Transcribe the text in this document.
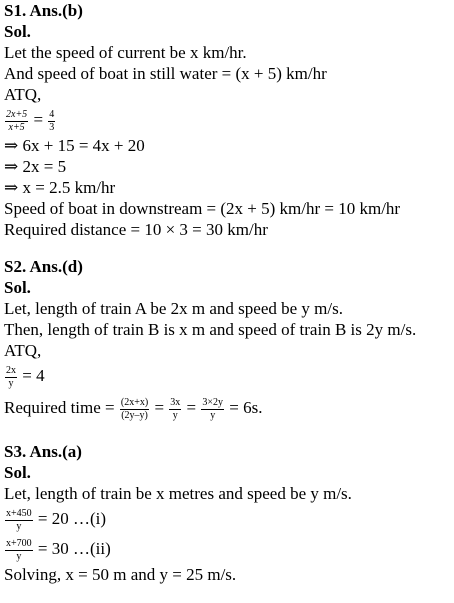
S1. Ans.(b)
Sol.
Let the speed of current be x km/hr.
And speed of boat in still water = (x + 5) km/hr
ATQ,
$\frac{2x+5}{x+5} = \frac{4}{3}$
⇒ 6x + 15 = 4x + 20
⇒ 2x = 5
⇒ x = 2.5 km/hr
Speed of boat in downstream = (2x + 5) km/hr = 10 km/hr
Required distance = 10 × 3 = 30 km/hr
S2. Ans.(d)
Sol.
Let, length of train A be 2x m and speed be y m/s.
Then, length of train B is x m and speed of train B is 2y m/s.
ATQ,
$\frac{2x}{y} = 4$
Required time = $\frac{(2x+x)}{(2y-y)} = \frac{3x}{y} = \frac{3\times 2y}{y} = 6s$.
S3. Ans.(a)
Sol.
Let, length of train be x metres and speed be y m/s.
$\frac{x+450}{y} = 20$ …(i)
$\frac{x+700}{y} = 30$ …(ii)
Solving, x = 50 m and y = 25 m/s.
